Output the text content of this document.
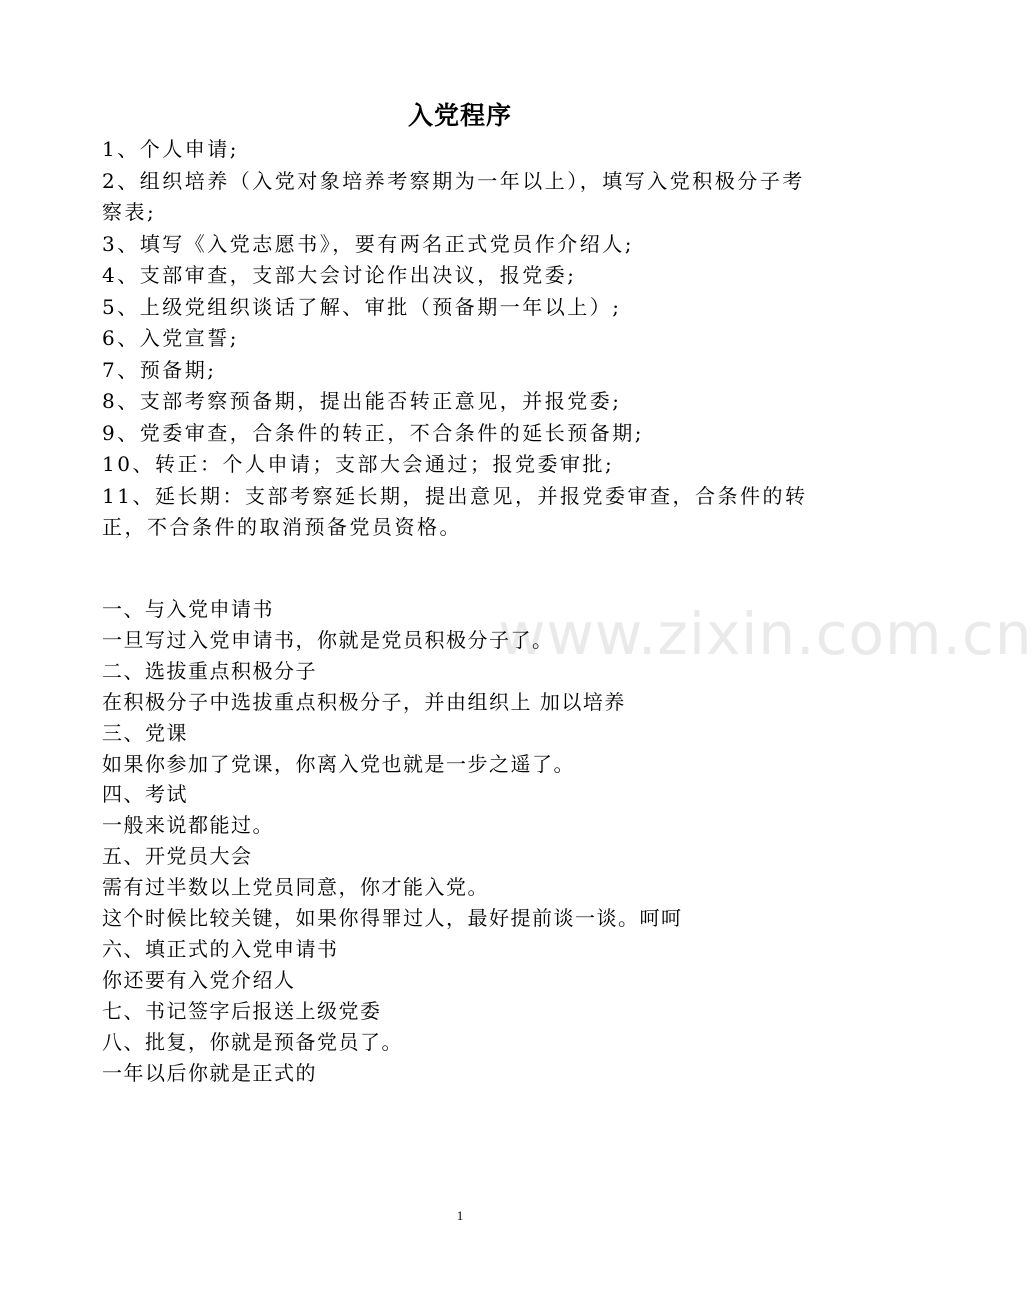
入党程序
1、个人申请;
2、组织培养（入党对象培养考察期为一年以上），填写入党积极分子考察表;
3、填写《入党志愿书》，要有两名正式党员作介绍人;
4、支部审查，支部大会讨论作出决议，报党委;
5、上级党组织谈话了解、审批（预备期一年以上）;
6、入党宣誓;
7、预备期;
8、支部考察预备期，提出能否转正意见，并报党委;
9、党委审查，合条件的转正，不合条件的延长预备期;
10、转正：个人申请；支部大会通过；报党委审批;
11、延长期：支部考察延长期，提出意见，并报党委审查，合条件的转正，不合条件的取消预备党员资格。
www.zixin.com.cn
一、与入党申请书
一旦写过入党申请书，你就是党员积极分子了。
二、选拔重点积极分子
在积极分子中选拔重点积极分子，并由组织上 加以培养
三、党课
如果你参加了党课，你离入党也就是一步之遥了。
四、考试
一般来说都能过。
五、开党员大会
需有过半数以上党员同意，你才能入党。
这个时候比较关键，如果你得罪过人，最好提前谈一谈。呵呵
六、填正式的入党申请书
你还要有入党介绍人
七、书记签字后报送上级党委
八、批复，你就是预备党员了。
一年以后你就是正式的
1
